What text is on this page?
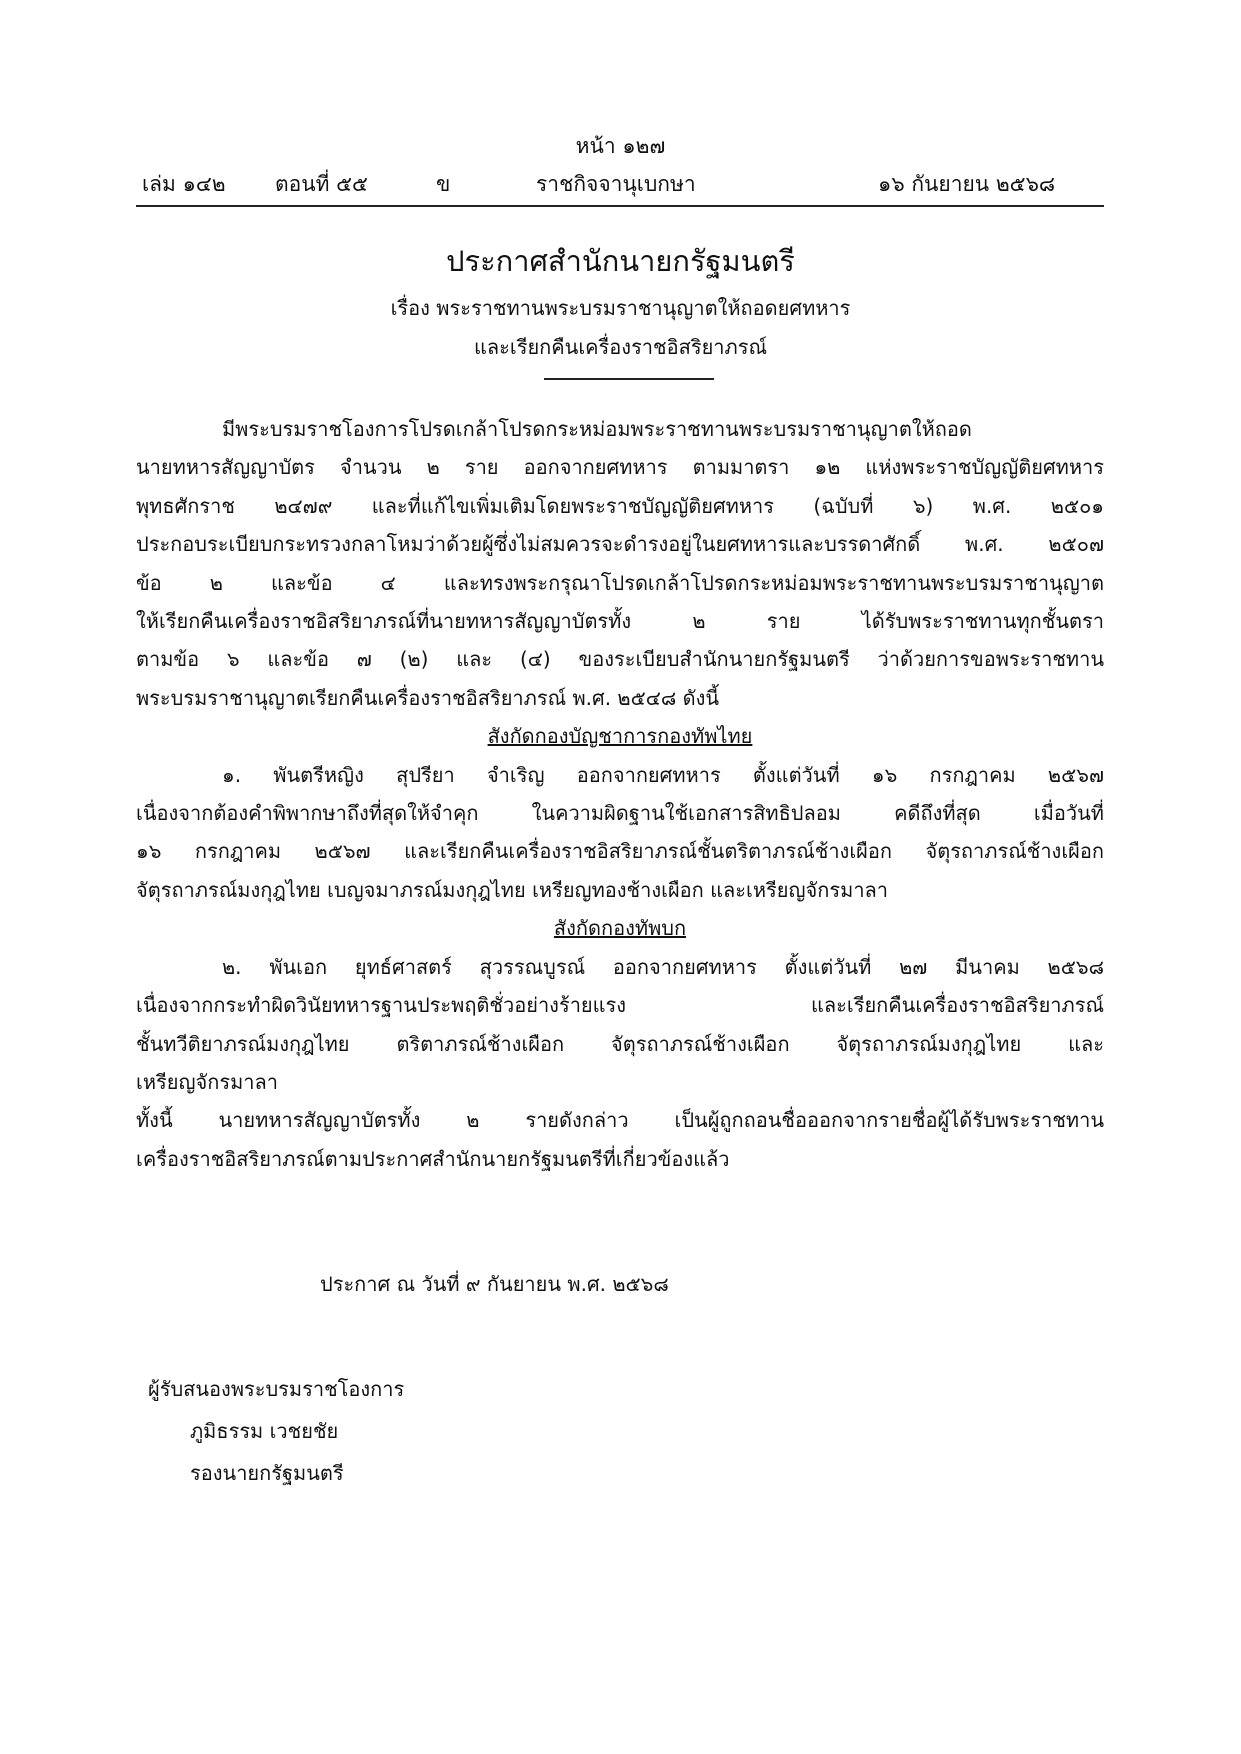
หน้า ๑๒๗
เล่ม ๑๔๒ ตอนที่ ๕๕	ข	ราชกิจจานุเบกษา	๑๖ กันยายน ๒๕๖๘
ประกาศสำนักนายกรัฐมนตรี
เรื่อง พระราชทานพระบรมราชานุญาตให้ถอดยศทหาร
และเรียกคืนเครื่องราชอิสริยาภรณ์
มีพระบรมราชโองการโปรดเกล้าโปรดกระหม่อมพระราชทานพระบรมราชานุญาตให้ถอด
นายทหารสัญญาบัตร จำนวน ๒ ราย ออกจากยศทหาร ตามมาตรา ๑๒ แห่งพระราชบัญญัติยศทหาร
พุทธศักราช ๒๔๗๙ และที่แก้ไขเพิ่มเติมโดยพระราชบัญญัติยศทหาร (ฉบับที่ ๖) พ.ศ. ๒๕๐๑
ประกอบระเบียบกระทรวงกลาโหมว่าด้วยผู้ซึ่งไม่สมควรจะดำรงอยู่ในยศทหารและบรรดาศักดิ์ พ.ศ. ๒๕๐๗
ข้อ ๒ และข้อ ๔ และทรงพระกรุณาโปรดเกล้าโปรดกระหม่อมพระราชทานพระบรมราชานุญาต
ให้เรียกคืนเครื่องราชอิสริยาภรณ์ที่นายทหารสัญญาบัตรทั้ง ๒ ราย ได้รับพระราชทานทุกชั้นตรา
ตามข้อ ๖ และข้อ ๗ (๒) และ (๔) ของระเบียบสำนักนายกรัฐมนตรี ว่าด้วยการขอพระราชทาน
พระบรมราชานุญาตเรียกคืนเครื่องราชอิสริยาภรณ์ พ.ศ. ๒๕๔๘ ดังนี้
สังกัดกองบัญชาการกองทัพไทย
๑. พันตรีหญิง สุปรียา จำเริญ ออกจากยศทหาร ตั้งแต่วันที่ ๑๖ กรกฎาคม ๒๕๖๗
เนื่องจากต้องคำพิพากษาถึงที่สุดให้จำคุก ในความผิดฐานใช้เอกสารสิทธิปลอม คดีถึงที่สุด เมื่อวันที่
๑๖ กรกฎาคม ๒๕๖๗ และเรียกคืนเครื่องราชอิสริยาภรณ์ชั้นตริตาภรณ์ช้างเผือก จัตุรถาภรณ์ช้างเผือก
จัตุรถาภรณ์มงกุฎไทย เบญจมาภรณ์มงกุฎไทย เหรียญทองช้างเผือก และเหรียญจักรมาลา
สังกัดกองทัพบก
๒. พันเอก ยุทธ์ศาสตร์ สุวรรณบูรณ์ ออกจากยศทหาร ตั้งแต่วันที่ ๒๗ มีนาคม ๒๕๖๘
เนื่องจากกระทำผิดวินัยทหารฐานประพฤติชั่วอย่างร้ายแรง และเรียกคืนเครื่องราชอิสริยาภรณ์
ชั้นทวีติยาภรณ์มงกุฎไทย ตริตาภรณ์ช้างเผือก จัตุรถาภรณ์ช้างเผือก จัตุรถาภรณ์มงกุฎไทย และ
เหรียญจักรมาลา
ทั้งนี้ นายทหารสัญญาบัตรทั้ง ๒ รายดังกล่าว เป็นผู้ถูกถอนชื่อออกจากรายชื่อผู้ได้รับพระราชทาน
เครื่องราชอิสริยาภรณ์ตามประกาศสำนักนายกรัฐมนตรีที่เกี่ยวข้องแล้ว
ประกาศ ณ วันที่ ๙ กันยายน พ.ศ. ๒๕๖๘
ผู้รับสนองพระบรมราชโองการ
ภูมิธรรม เวชยชัย
รองนายกรัฐมนตรี
